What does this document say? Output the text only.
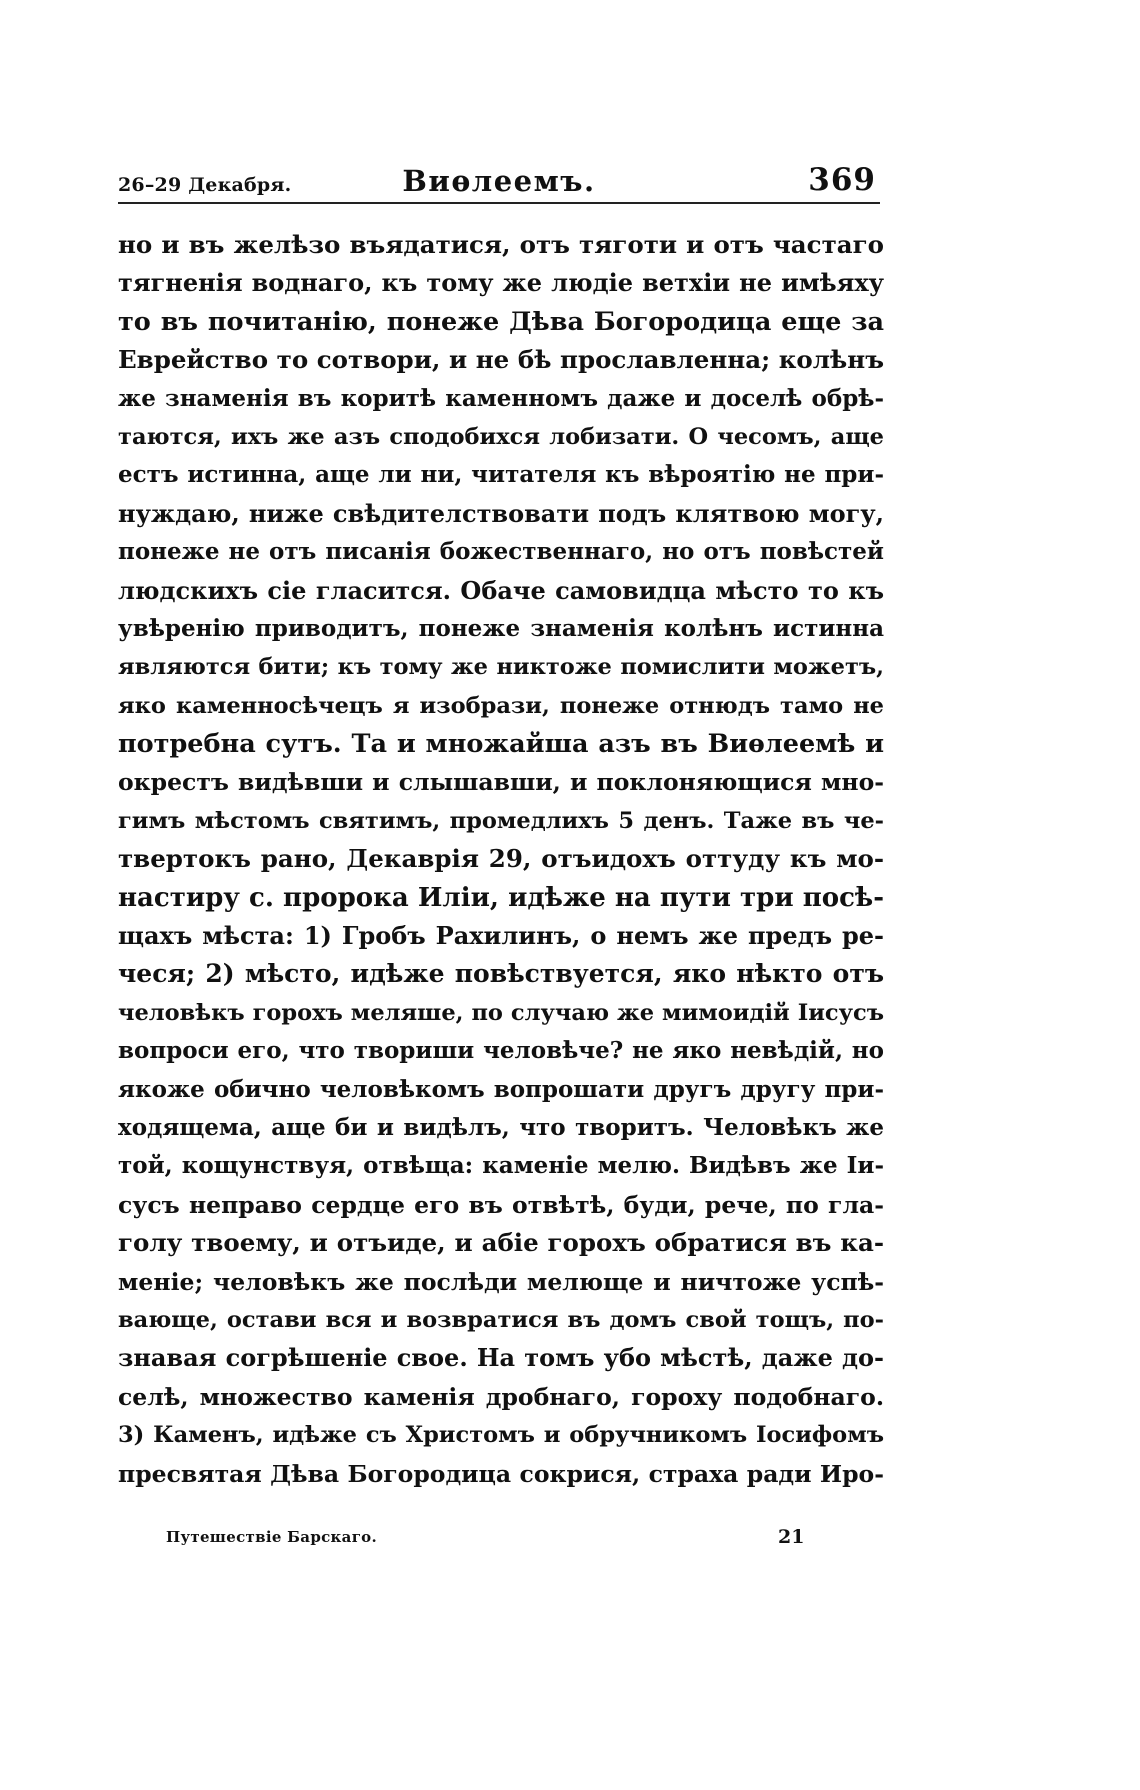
26–29 Декабря.	Виѳлеемъ.	369
но и въ желѣзо въядатися, отъ тяготи и отъ частаго
тягненія воднаго, къ тому же людіе ветхіи не имѣяху
то въ почитанію, понеже Дѣва Богородица еще за
Еврейство то сотвори, и не бѣ прославленна; колѣнъ
же знаменія въ коритѣ каменномъ даже и доселѣ обрѣ-
таются, ихъ же азъ сподобихся лобизати. О чесомъ, аще
естъ истинна, аще ли ни, читателя къ вѣроятію не при-
нуждаю, ниже свѣдителствовати подъ клятвою могу,
понеже не отъ писанія божественнаго, но отъ повѣстей
людскихъ сіе гласится. Обаче самовидца мѣсто то къ
увѣренію приводитъ, понеже знаменія колѣнъ истинна
являются бити; къ тому же никтоже помислити можетъ,
яко каменносѣчецъ я изобрази, понеже отнюдъ тамо не
потребна сутъ. Та и множайша азъ въ Виѳлеемѣ и
окрестъ видѣвши и слышавши, и поклоняющися мно-
гимъ мѣстомъ святимъ, промедлихъ 5 денъ. Таже въ че-
твертокъ рано, Декаврія 29, отъидохъ оттуду къ мо-
настиру с. пророка Иліи, идѣже на пути три посѣ-
щахъ мѣста: 1) Гробъ Рахилинъ, о немъ же предъ ре-
чеся; 2) мѣсто, идѣже повѣствуется, яко нѣкто отъ
человѣкъ горохъ меляше, по случаю же мимоидій Іисусъ
вопроси его, что твориши человѣче? не яко невѣдій, но
якоже обично человѣкомъ вопрошати другъ другу при-
ходящема, аще би и видѣлъ, что творитъ. Человѣкъ же
той, кощунствуя, отвѣща: каменіе мелю. Видѣвъ же Іи-
сусъ неправо сердце его въ отвѣтѣ, буди, рече, по гла-
голу твоему, и отъиде, и абіе горохъ обратися въ ка-
меніе; человѣкъ же послѣди мелюще и ничтоже успѣ-
вающе, остави вся и возвратися въ домъ свой тощъ, по-
знавая согрѣшеніе свое. На томъ убо мѣстѣ, даже до-
селѣ, множество каменія дробнаго, гороху подобнаго.
3) Каменъ, идѣже съ Христомъ и обручникомъ Іосифомъ
пресвятая Дѣва Богородица сокрися, страха ради Иро-
Путешествіе Барскаго.	21
